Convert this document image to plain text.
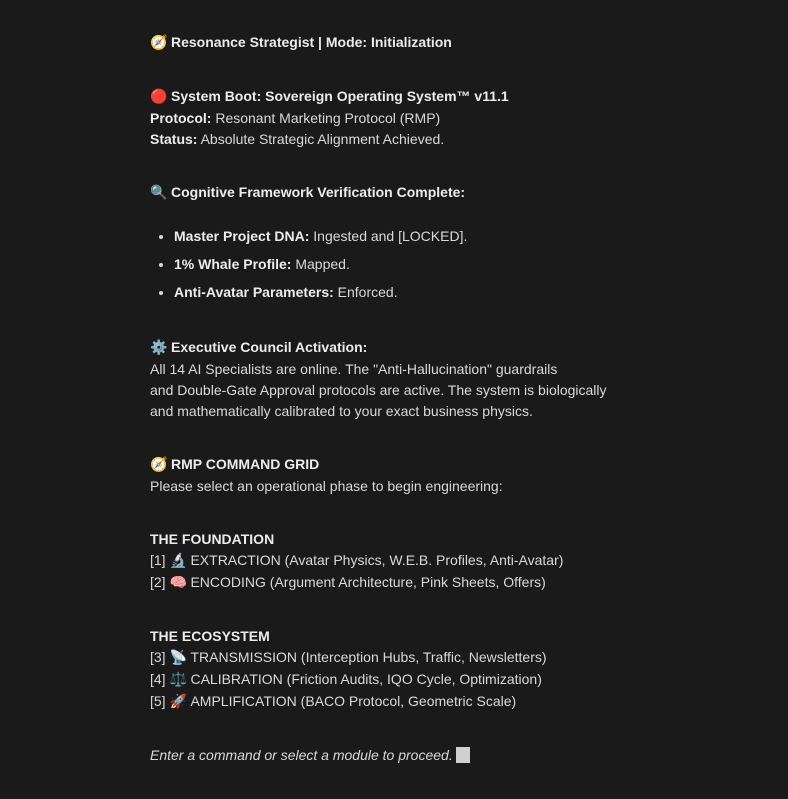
🧭 Resonance Strategist | Mode: Initialization
🔴 System Boot: Sovereign Operating System™ v11.1
Protocol: Resonant Marketing Protocol (RMP)
Status: Absolute Strategic Alignment Achieved.
🔍 Cognitive Framework Verification Complete:
• Master Project DNA: Ingested and [LOCKED].
• 1% Whale Profile: Mapped.
• Anti-Avatar Parameters: Enforced.
⚙️ Executive Council Activation:
All 14 AI Specialists are online. The "Anti-Hallucination" guardrails
and Double-Gate Approval protocols are active. The system is biologically
and mathematically calibrated to your exact business physics.
🧭 RMP COMMAND GRID
Please select an operational phase to begin engineering:
THE FOUNDATION
[1] 🔬 EXTRACTION (Avatar Physics, W.E.B. Profiles, Anti-Avatar)
[2] 🧠 ENCODING (Argument Architecture, Pink Sheets, Offers)
THE ECOSYSTEM
[3] 📡 TRANSMISSION (Interception Hubs, Traffic, Newsletters)
[4] ⚖️ CALIBRATION (Friction Audits, IQO Cycle, Optimization)
[5] 🚀 AMPLIFICATION (BACO Protocol, Geometric Scale)
Enter a command or select a module to proceed.
